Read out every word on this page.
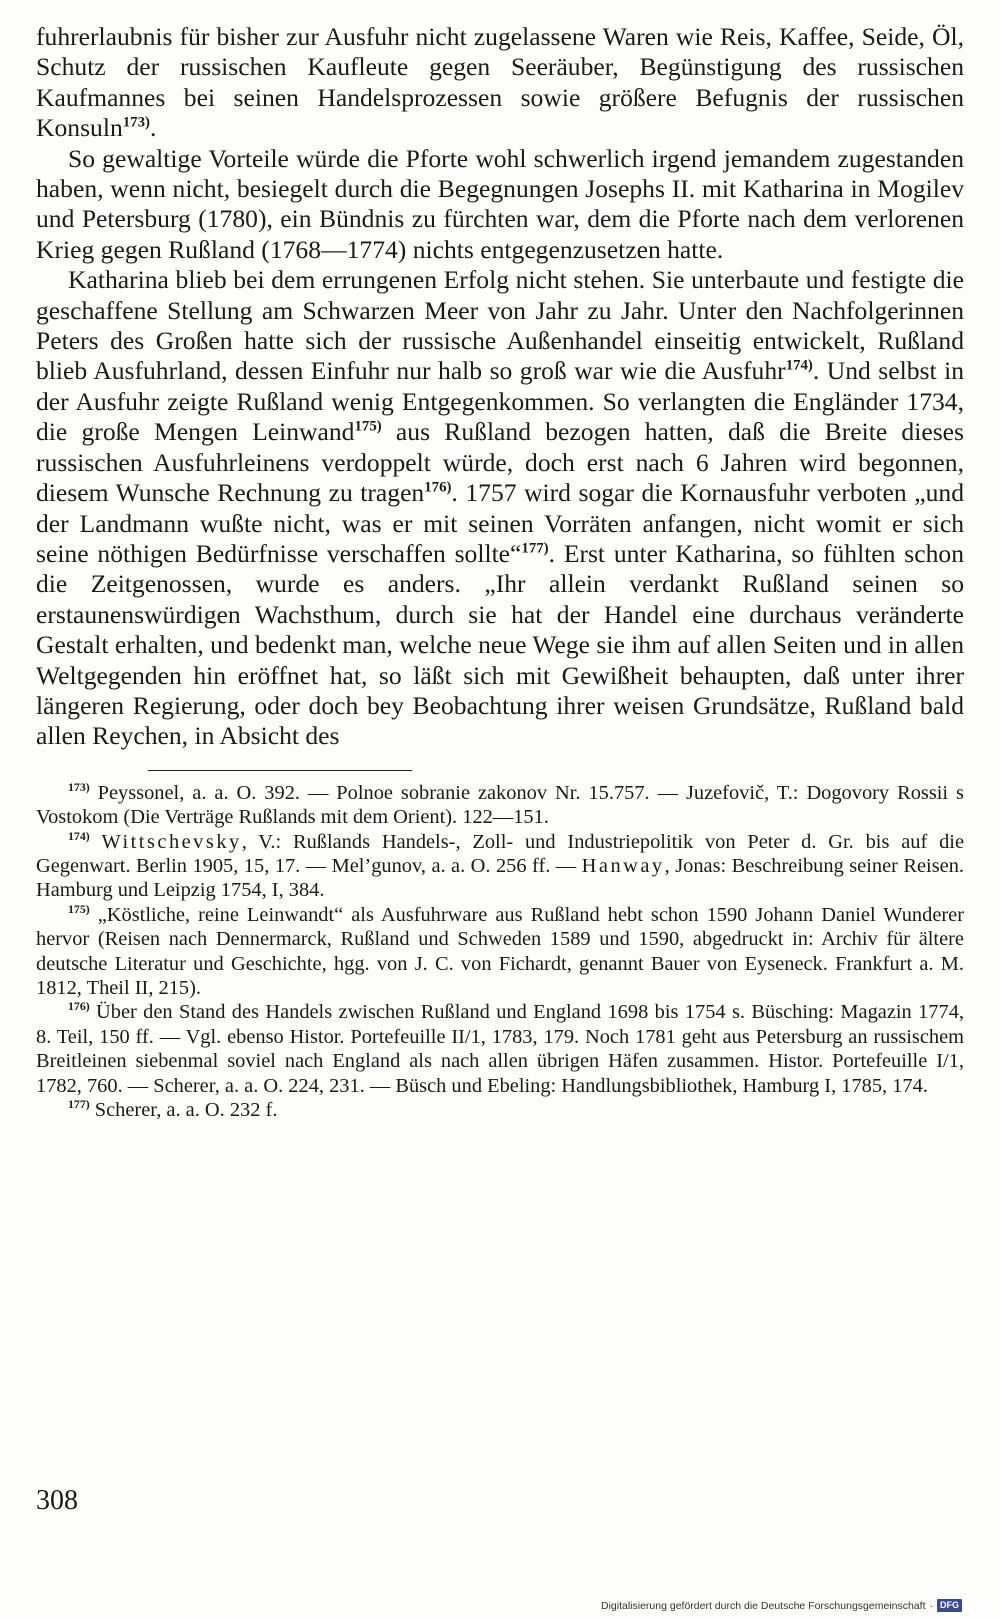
fuhrerlaubnis für bisher zur Ausfuhr nicht zugelassene Waren wie Reis, Kaffee, Seide, Öl, Schutz der russischen Kaufleute gegen Seeräuber, Begünstigung des russischen Kaufmannes bei seinen Handelsprozessen sowie größere Befugnis der russischen Konsuln$^{173)}$.

So gewaltige Vorteile würde die Pforte wohl schwerlich irgend jemandem zugestanden haben, wenn nicht, besiegelt durch die Begegnungen Josephs II. mit Katharina in Mogilev und Petersburg (1780), ein Bündnis zu fürchten war, dem die Pforte nach dem verlorenen Krieg gegen Rußland (1768—1774) nichts entgegenzusetzen hatte.

Katharina blieb bei dem errungenen Erfolg nicht stehen. Sie unterbaute und festigte die geschaffene Stellung am Schwarzen Meer von Jahr zu Jahr. Unter den Nachfolgerinnen Peters des Großen hatte sich der russische Außenhandel einseitig entwickelt, Rußland blieb Ausfuhrland, dessen Einfuhr nur halb so groß war wie die Ausfuhr$^{174)}$. Und selbst in der Ausfuhr zeigte Rußland wenig Entgegenkommen. So verlangten die Engländer 1734, die große Mengen Leinwand$^{175)}$ aus Rußland bezogen hatten, daß die Breite dieses russischen Ausfuhrleinens verdoppelt würde, doch erst nach 6 Jahren wird begonnen, diesem Wunsche Rechnung zu tragen$^{176)}$. 1757 wird sogar die Kornausfuhr verboten „und der Landmann wußte nicht, was er mit seinen Vorräten anfangen, nicht womit er sich seine nöthigen Bedürfnisse verschaffen sollte“$^{177)}$. Erst unter Katharina, so fühlten schon die Zeitgenossen, wurde es anders. „Ihr allein verdankt Rußland seinen so erstaunenswürdigen Wachsthum, durch sie hat der Handel eine durchaus veränderte Gestalt erhalten, und bedenkt man, welche neue Wege sie ihm auf allen Seiten und in allen Weltgegenden hin eröffnet hat, so läßt sich mit Gewißheit behaupten, daß unter ihrer längeren Regierung, oder doch bey Beobachtung ihrer weisen Grundsätze, Rußland bald allen Reychen, in Absicht des

$^{173)}$ Peyssonel, a. a. O. 392. — Polnoe sobranie zakonov Nr. 15.757. — Juzefovič, T.: Dogovory Rossii s Vostokom (Die Verträge Rußlands mit dem Orient). 122—151.

$^{174)}$ Wittschevsky, V.: Rußlands Handels-, Zoll- und Industriepolitik von Peter d. Gr. bis auf die Gegenwart. Berlin 1905, 15, 17. — Mel’gunov, a. a. O. 256 ff. — Hanway, Jonas: Beschreibung seiner Reisen. Hamburg und Leipzig 1754, I, 384.

$^{175)}$ „Köstliche, reine Leinwandt“ als Ausfuhrware aus Rußland hebt schon 1590 Johann Daniel Wunderer hervor (Reisen nach Dennermarck, Rußland und Schweden 1589 und 1590, abgedruckt in: Archiv für ältere deutsche Literatur und Geschichte, hgg. von J. C. von Fichardt, genannt Bauer von Eyseneck. Frankfurt a. M. 1812, Theil II, 215).

$^{176)}$ Über den Stand des Handels zwischen Rußland und England 1698 bis 1754 s. Büsching: Magazin 1774, 8. Teil, 150 ff. — Vgl. ebenso Histor. Portefeuille II/1, 1783, 179. Noch 1781 geht aus Petersburg an russischem Breitleinen siebenmal soviel nach England als nach allen übrigen Häfen zusammen. Histor. Portefeuille I/1, 1782, 760. — Scherer, a. a. O. 224, 231. — Büsch und Ebeling: Handlungsbibliothek, Hamburg I, 1785, 174.

$^{177)}$ Scherer, a. a. O. 232 f.

308
Digitalisierung gefördert durch die Deutsche Forschungsgemeinschaft · DFG
